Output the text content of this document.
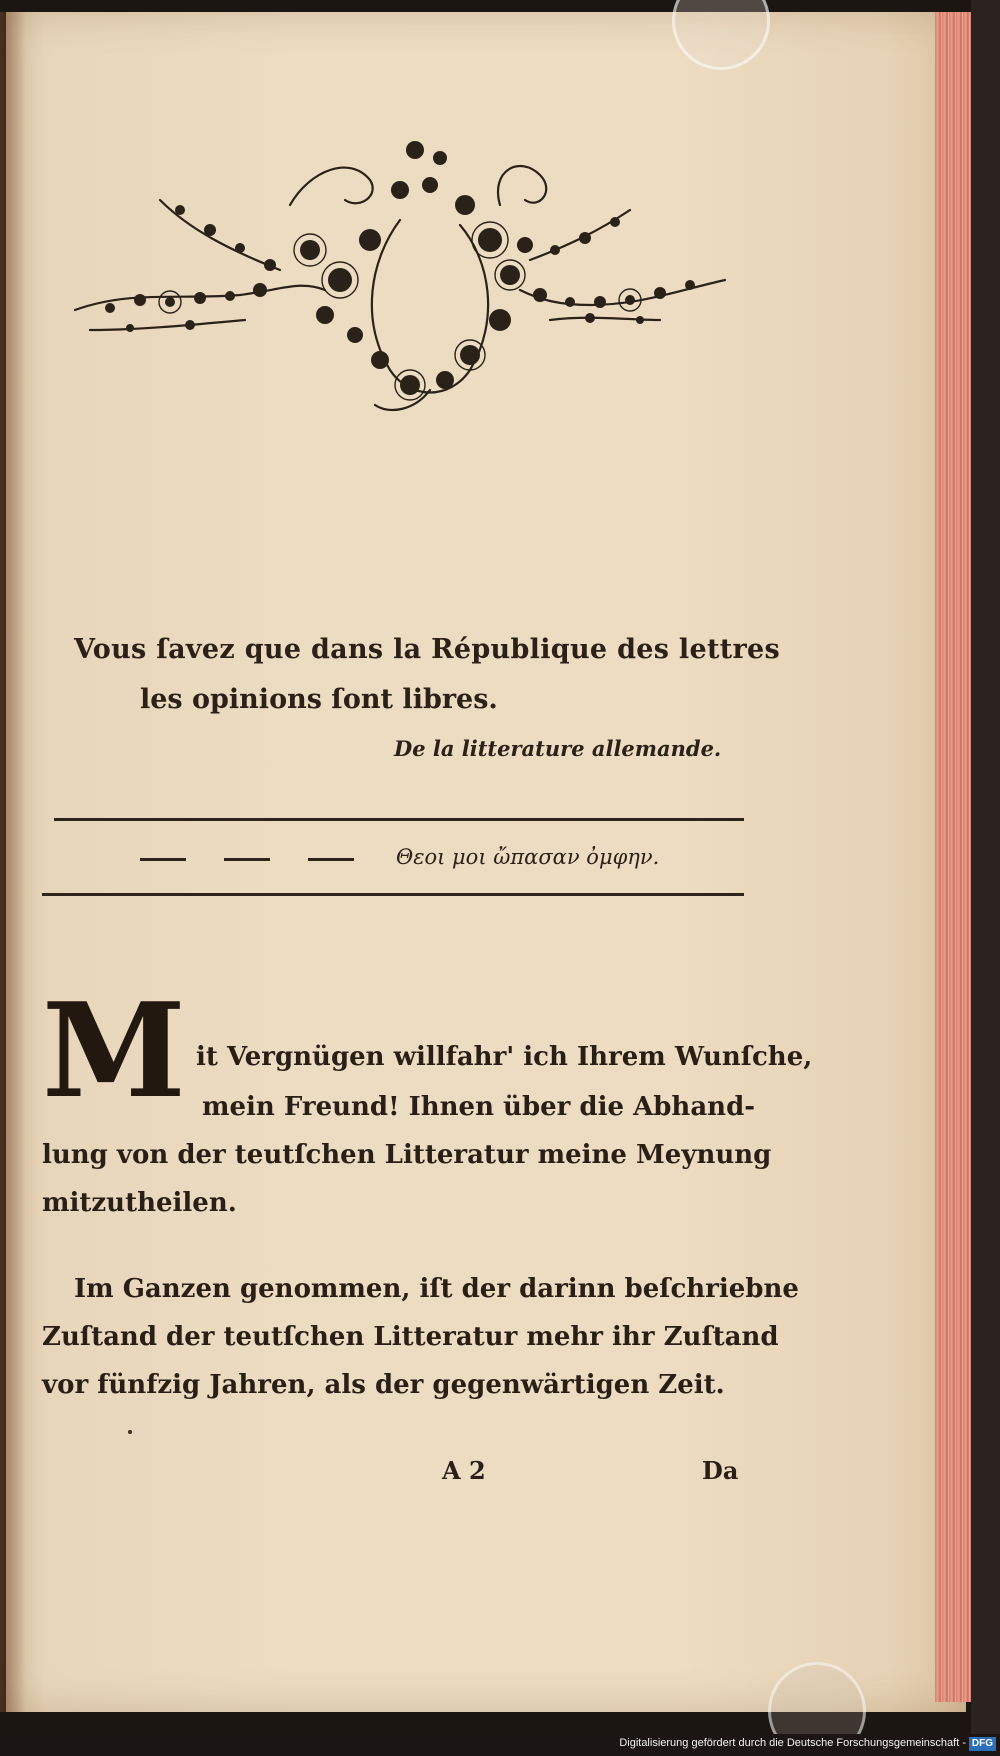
Vous ſavez que dans la République des lettres
les opinions ſont libres.
De la litterature allemande.
Θεοι μοι ὤπασαν ὀμφην.
M it Vergnügen willfahr' ich Ihrem Wunſche,
mein Freund! Ihnen über die Abhand-
lung von der teutſchen Litteratur meine Meynung
mitzutheilen.
Im Ganzen genommen, iſt der darinn beſchriebne
Zuſtand der teutſchen Litteratur mehr ihr Zuſtand
vor fünfzig Jahren, als der gegenwärtigen Zeit.
A 2	Da
Digitalisierung gefördert durch die Deutsche Forschungsgemeinschaft - DFG
